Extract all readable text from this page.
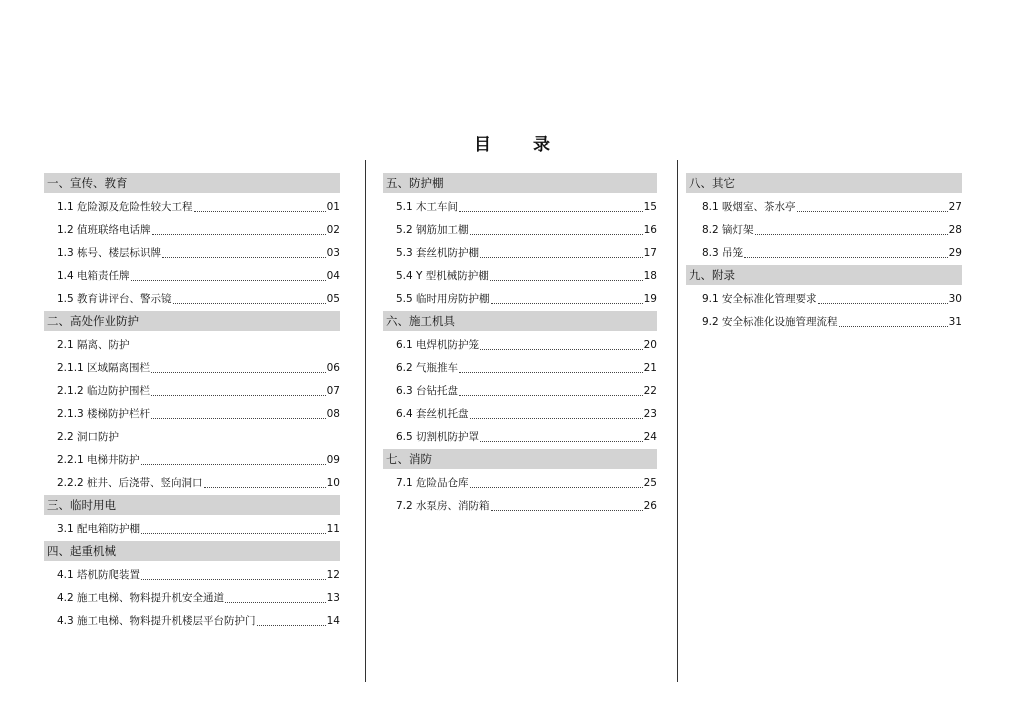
目 录
一、宣传、教育
1.1 危险源及危险性较大工程	01
1.2 值班联络电话牌	02
1.3 栋号、楼层标识牌	03
1.4 电箱责任牌	04
1.5 教育讲评台、警示镜	05
二、高处作业防护
2.1 隔离、防护
2.1.1 区域隔离围栏	06
2.1.2 临边防护围栏	07
2.1.3 楼梯防护栏杆	08
2.2 洞口防护
2.2.1 电梯井防护	09
2.2.2 桩井、后浇带、竖向洞口	10
三、临时用电
3.1 配电箱防护棚	11
四、起重机械
4.1 塔机防爬装置	12
4.2 施工电梯、物料提升机安全通道	13
4.3 施工电梯、物料提升机楼层平台防护门	14
五、防护棚
5.1 木工车间	15
5.2 钢筋加工棚	16
5.3 套丝机防护棚	17
5.4 Y 型机械防护棚	18
5.5 临时用房防护棚	19
六、施工机具
6.1 电焊机防护笼	20
6.2 气瓶推车	21
6.3 台钻托盘	22
6.4 套丝机托盘	23
6.5 切割机防护罩	24
七、消防
7.1 危险品仓库	25
7.2 水泵房、消防箱	26
八、其它
8.1 吸烟室、茶水亭	27
8.2 镝灯架	28
8.3 吊笼	29
九、附录
9.1 安全标准化管理要求	30
9.2 安全标准化设施管理流程	31
